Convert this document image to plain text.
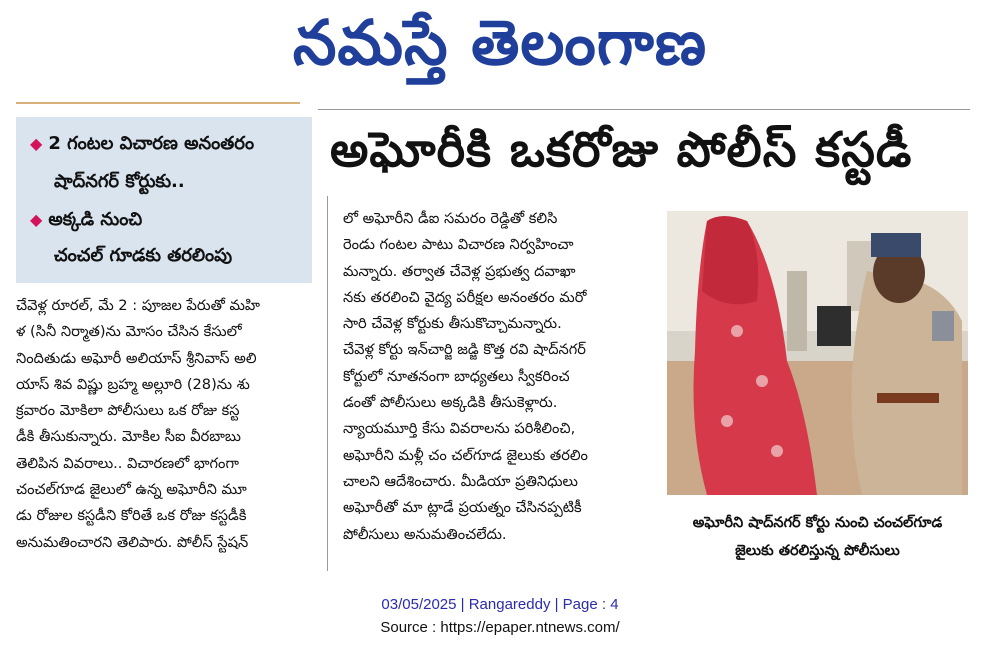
నమస్తే తెలంగాణ
◆ 2 గంటల విచారణ అనంతరం
షాద్‌నగర్ కోర్టుకు..
◆ అక్కడి నుంచి
చంచల్ గూడకు తరలింపు
అఘోరీకి ఒకరోజు పోలీస్ కస్టడీ
చేవెళ్ల రూరల్, మే 2 : పూజల పేరుతో మహి
ళ (సినీ నిర్మాత)ను మోసం చేసిన కేసులో
నిందితుడు అఘోరీ అలియాస్ శ్రీనివాస్ అలి
యాస్ శివ విష్ణు బ్రహ్మ అల్లూరి (28)ను శు
క్రవారం మోకిలా పోలీసులు ఒక రోజు కస్ట
డీకి తీసుకున్నారు. మోకిల సీఐ వీరబాబు
తెలిపిన వివరాలు.. విచారణలో భాగంగా
చంచల్‌గూడ జైలులో ఉన్న అఘోరీని మూ
డు రోజుల కస్టడీని కోరితే ఒక రోజు కస్టడీకి
అనుమతించారని తెలిపారు. పోలీస్ స్టేషన్
లో అఘోరీని డీఐ సమరం రెడ్డితో కలిసి
రెండు గంటల పాటు విచారణ నిర్వహించా
మన్నారు. తర్వాత చేవెళ్ల ప్రభుత్వ దవాఖా
నకు తరలించి వైద్య పరీక్షల అనంతరం మరో
సారి చేవెళ్ల కోర్టుకు తీసుకొచ్చామన్నారు.
చేవెళ్ల కోర్టు ఇన్‌చార్జి జడ్జి కొత్త రవి షాద్‌నగర్
కోర్టులో నూతనంగా బాధ్యతలు స్వీకరించ
డంతో పోలీసులు అక్కడికి తీసుకెళ్లారు.
న్యాయమూర్తి కేసు వివరాలను పరిశీలించి,
అఘోరీని మళ్లీ చం చల్‌గూడ జైలుకు తరలిం
చాలని ఆదేశించారు. మీడియా ప్రతినిధులు
అఘోరీతో మా ట్లాడే ప్రయత్నం చేసినప్పటికీ
పోలీసులు అనుమతించలేదు.
అఘోరీని షాద్‌నగర్ కోర్టు నుంచి చంచల్‌గూడ
జైలుకు తరలిస్తున్న పోలీసులు
03/05/2025 | Rangareddy | Page : 4
Source : https://epaper.ntnews.com/
